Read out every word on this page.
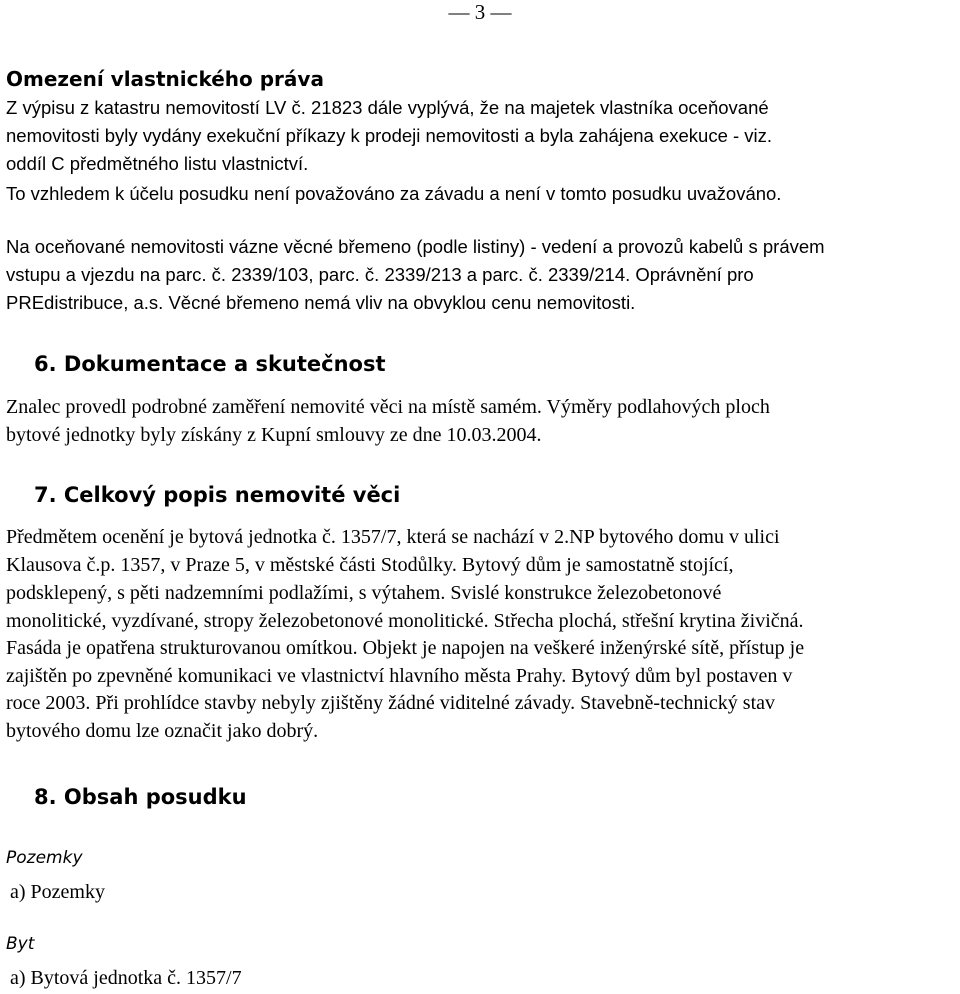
— 3 —
Omezení vlastnického práva
Z výpisu z katastru nemovitostí LV č. 21823 dále vyplývá, že na majetek vlastníka oceňované
nemovitosti byly vydány exekuční příkazy k prodeji nemovitosti a byla zahájena exekuce - viz.
oddíl C předmětného listu vlastnictví.
To vzhledem k účelu posudku není považováno za závadu a není v tomto posudku uvažováno.
Na oceňované nemovitosti vázne věcné břemeno (podle listiny) - vedení a provozů kabelů s právem
vstupu a vjezdu na parc. č. 2339/103, parc. č. 2339/213 a parc. č. 2339/214. Oprávnění pro
PREdistribuce, a.s. Věcné břemeno nemá vliv na obvyklou cenu nemovitosti.
6. Dokumentace a skutečnost
Znalec provedl podrobné zaměření nemovité věci na místě samém. Výměry podlahových ploch
bytové jednotky byly získány z Kupní smlouvy ze dne 10.03.2004.
7. Celkový popis nemovité věci
Předmětem ocenění je bytová jednotka č. 1357/7, která se nachází v 2.NP bytového domu v ulici
Klausova č.p. 1357, v Praze 5, v městské části Stodůlky. Bytový dům je samostatně stojící,
podsklepený, s pěti nadzemními podlažími, s výtahem. Svislé konstrukce železobetonové
monolitické, vyzdívané, stropy železobetonové monolitické. Střecha plochá, střešní krytina živičná.
Fasáda je opatřena strukturovanou omítkou. Objekt je napojen na veškeré inženýrské sítě, přístup je
zajištěn po zpevněné komunikaci ve vlastnictví hlavního města Prahy. Bytový dům byl postaven v
roce 2003. Při prohlídce stavby nebyly zjištěny žádné viditelné závady. Stavebně-technický stav
bytového domu lze označit jako dobrý.
8. Obsah posudku
Pozemky
a) Pozemky
Byt
a) Bytová jednotka č. 1357/7
